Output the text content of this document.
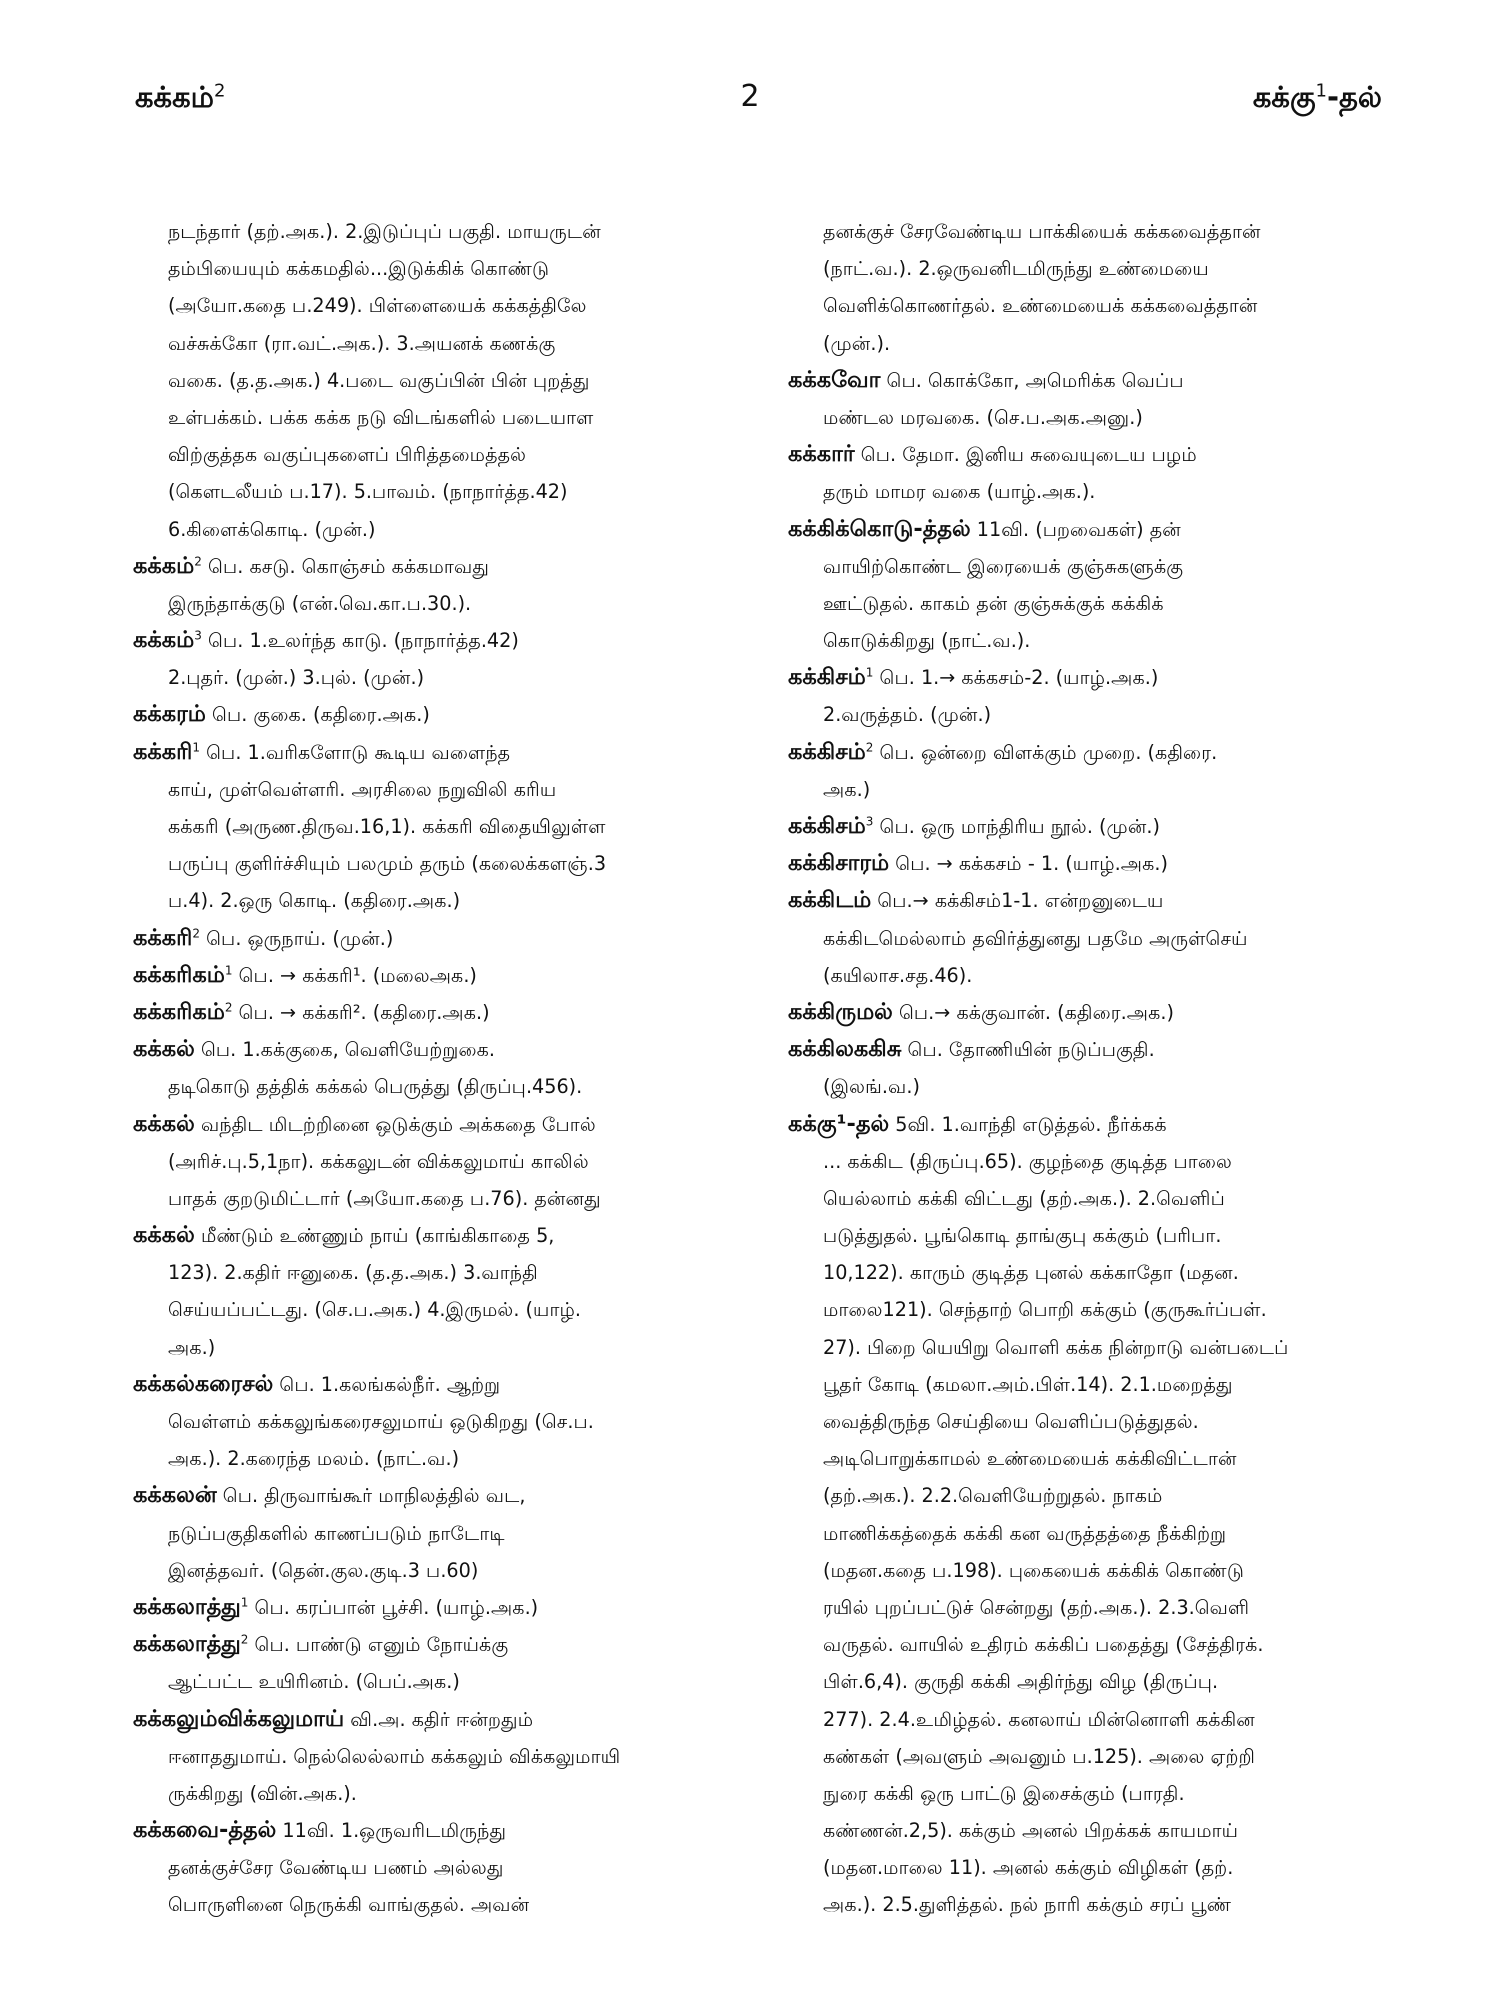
கக்கம்$^2$	2	கக்கு$^1$-தல்
நடந்தார் (தற்.அக.). 2.இடுப்புப் பகுதி. மாயருடன்
தம்பியையும் கக்கமதில்...இடுக்கிக் கொண்டு
(அயோ.கதை ப.249). பிள்ளையைக் கக்கத்திலே
வச்சுக்கோ (ரா.வட்.அக.). 3.அயனக் கணக்கு
வகை. (த.த.அக.) 4.படை வகுப்பின் பின் புறத்து
உள்பக்கம். பக்க கக்க நடு விடங்களில் படையாள
விற்குத்தக வகுப்புகளைப் பிரித்தமைத்தல்
(கௌடலீயம் ப.17). 5.பாவம். (நாநார்த்த.42)
6.கிளைக்கொடி. (முன்.)
கக்கம்$^2$ பெ. கசடு. கொஞ்சம் கக்கமாவது
இருந்தாக்குடு (என்.வெ.கா.ப.30.).
கக்கம்$^3$ பெ. 1.உலர்ந்த காடு. (நாநார்த்த.42)
2.புதர். (முன்.) 3.புல். (முன்.)
கக்கரம் பெ. குகை. (கதிரை.அக.)
கக்கரி$^1$ பெ. 1.வரிகளோடு கூடிய வளைந்த
காய், முள்வெள்ளரி. அரசிலை நறுவிலி கரிய
கக்கரி (அருண.திருவ.16,1). கக்கரி விதையிலுள்ள
பருப்பு குளிர்ச்சியும் பலமும் தரும் (கலைக்களஞ்.3
ப.4). 2.ஒரு கொடி. (கதிரை.அக.)
கக்கரி$^2$ பெ. ஒருநாய். (முன்.)
கக்கரிகம்$^1$ பெ. → கக்கரி¹. (மலைஅக.)
கக்கரிகம்$^2$ பெ. → கக்கரி². (கதிரை.அக.)
கக்கல் பெ. 1.கக்குகை, வெளியேற்றுகை.
தடிகொடு தத்திக் கக்கல் பெருத்து (திருப்பு.456).
கக்கல் வந்திட மிடற்றினை ஒடுக்கும் அக்கதை போல்
(அரிச்.பு.5,1நா). கக்கலுடன் விக்கலுமாய் காலில்
பாதக் குறடுமிட்டார் (அயோ.கதை ப.76). தன்னது
கக்கல் மீண்டும் உண்ணும் நாய் (காங்கிகாதை 5,
123). 2.கதிர் ஈனுகை. (த.த.அக.) 3.வாந்தி
செய்யப்பட்டது. (செ.ப.அக.) 4.இருமல். (யாழ்.
அக.)
கக்கல்கரைசல் பெ. 1.கலங்கல்நீர். ஆற்று
வெள்ளம் கக்கலுங்கரைசலுமாய் ஒடுகிறது (செ.ப.
அக.). 2.கரைந்த மலம். (நாட்.வ.)
கக்கலன் பெ. திருவாங்கூர் மாநிலத்தில் வட,
நடுப்பகுதிகளில் காணப்படும் நாடோடி
இனத்தவர். (தென்.குல.குடி.3 ப.60)
கக்கலாத்து$^1$ பெ. கரப்பான் பூச்சி. (யாழ்.அக.)
கக்கலாத்து$^2$ பெ. பாண்டு எனும் நோய்க்கு
ஆட்பட்ட உயிரினம். (பெப்.அக.)
கக்கலும்விக்கலுமாய் வி.அ. கதிர் ஈன்றதும்
ஈனாததுமாய். நெல்லெல்லாம் கக்கலும் விக்கலுமாயி
ருக்கிறது (வின்.அக.).
கக்கவை-த்தல் 11வி. 1.ஒருவரிடமிருந்து
தனக்குச்சேர வேண்டிய பணம் அல்லது
பொருளினை நெருக்கி வாங்குதல். அவன்
தனக்குச் சேரவேண்டிய பாக்கியைக் கக்கவைத்தான்
(நாட்.வ.). 2.ஒருவனிடமிருந்து உண்மையை
வெளிக்கொணர்தல். உண்மையைக் கக்கவைத்தான்
(முன்.).
கக்கவோ பெ. கொக்கோ, அமெரிக்க வெப்ப
மண்டல மரவகை. (செ.ப.அக.அனு.)
கக்கார் பெ. தேமா. இனிய சுவையுடைய பழம்
தரும் மாமர வகை (யாழ்.அக.).
கக்கிக்கொடு-த்தல் 11வி. (பறவைகள்) தன்
வாயிற்கொண்ட இரையைக் குஞ்சுகளுக்கு
ஊட்டுதல். காகம் தன் குஞ்சுக்குக் கக்கிக்
கொடுக்கிறது (நாட்.வ.).
கக்கிசம்$^1$ பெ. 1.→ கக்கசம்-2. (யாழ்.அக.)
2.வருத்தம். (முன்.)
கக்கிசம்$^2$ பெ. ஒன்றை விளக்கும் முறை. (கதிரை.
அக.)
கக்கிசம்$^3$ பெ. ஒரு மாந்திரிய நூல். (முன்.)
கக்கிசாரம் பெ. → கக்கசம் - 1. (யாழ்.அக.)
கக்கிடம் பெ.→ கக்கிசம்1-1. என்றனுடைய
கக்கிடமெல்லாம் தவிர்த்துனது பதமே அருள்செய்
(கயிலாச.சத.46).
கக்கிருமல் பெ.→ கக்குவான். (கதிரை.அக.)
கக்கிலககிசு பெ. தோணியின் நடுப்பகுதி.
(இலங்.வ.)
கக்கு¹-தல் 5வி. 1.வாந்தி எடுத்தல். நீர்க்கக்
... கக்கிட (திருப்பு.65). குழந்தை குடித்த பாலை
யெல்லாம் கக்கி விட்டது (தற்.அக.). 2.வெளிப்
படுத்துதல். பூங்கொடி தாங்குபு கக்கும் (பரிபா.
10,122). காரும் குடித்த புனல் கக்காதோ (மதன.
மாலை121). செந்தாற் பொறி கக்கும் (குருகூர்ப்பள்.
27). பிறை யெயிறு வொளி கக்க நின்றாடு வன்படைப்
பூதர் கோடி (கமலா.அம்.பிள்.14). 2.1.மறைத்து
வைத்திருந்த செய்தியை வெளிப்படுத்துதல்.
அடிபொறுக்காமல் உண்மையைக் கக்கிவிட்டான்
(தற்.அக.). 2.2.வெளியேற்றுதல். நாகம்
மாணிக்கத்தைக் கக்கி கன வருத்தத்தை நீக்கிற்று
(மதன.கதை ப.198). புகையைக் கக்கிக் கொண்டு
ரயில் புறப்பட்டுச் சென்றது (தற்.அக.). 2.3.வெளி
வருதல். வாயில் உதிரம் கக்கிப் பதைத்து (சேத்திரக்.
பிள்.6,4). குருதி கக்கி அதிர்ந்து விழ (திருப்பு.
277). 2.4.உமிழ்தல். கனலாய் மின்னொளி கக்கின
கண்கள் (அவளும் அவனும் ப.125). அலை ஏற்றி
நுரை கக்கி ஒரு பாட்டு இசைக்கும் (பாரதி.
கண்ணன்.2,5). கக்கும் அனல் பிறக்கக் காயமாய்
(மதன.மாலை 11). அனல் கக்கும் விழிகள் (தற்.
அக.). 2.5.துளித்தல். நல் நாரி கக்கும் சரப் பூண்
